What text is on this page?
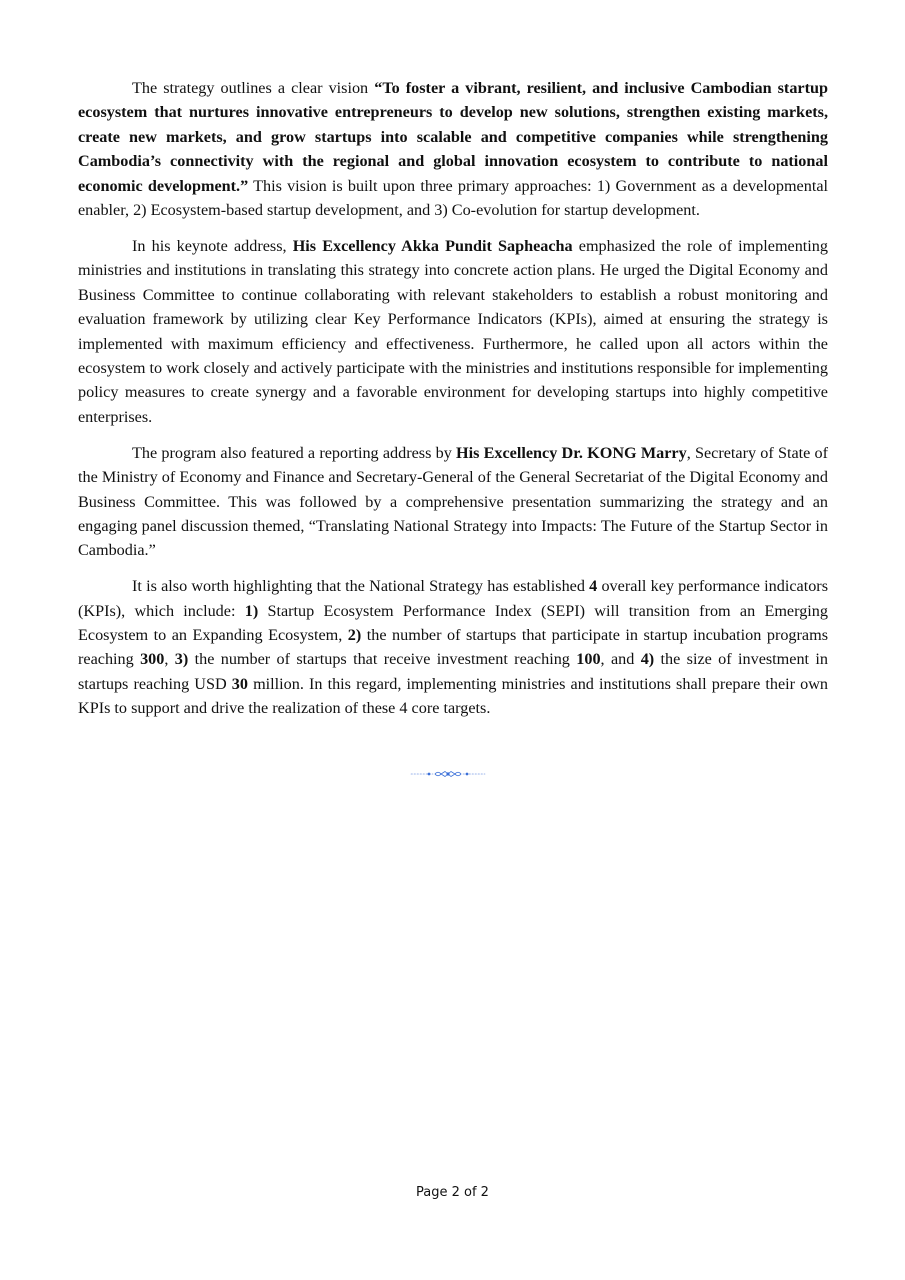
The strategy outlines a clear vision “To foster a vibrant, resilient, and inclusive Cambodian startup ecosystem that nurtures innovative entrepreneurs to develop new solutions, strengthen existing markets, create new markets, and grow startups into scalable and competitive companies while strengthening Cambodia’s connectivity with the regional and global innovation ecosystem to contribute to national economic development.” This vision is built upon three primary approaches: 1) Government as a developmental enabler, 2) Ecosystem-based startup development, and 3) Co-evolution for startup development.

In his keynote address, His Excellency Akka Pundit Sapheacha emphasized the role of implementing ministries and institutions in translating this strategy into concrete action plans. He urged the Digital Economy and Business Committee to continue collaborating with relevant stakeholders to establish a robust monitoring and evaluation framework by utilizing clear Key Performance Indicators (KPIs), aimed at ensuring the strategy is implemented with maximum efficiency and effectiveness. Furthermore, he called upon all actors within the ecosystem to work closely and actively participate with the ministries and institutions responsible for implementing policy measures to create synergy and a favorable environment for developing startups into highly competitive enterprises.

The program also featured a reporting address by His Excellency Dr. KONG Marry, Secretary of State of the Ministry of Economy and Finance and Secretary-General of the General Secretariat of the Digital Economy and Business Committee. This was followed by a comprehensive presentation summarizing the strategy and an engaging panel discussion themed, “Translating National Strategy into Impacts: The Future of the Startup Sector in Cambodia.”

It is also worth highlighting that the National Strategy has established 4 overall key performance indicators (KPIs), which include: 1) Startup Ecosystem Performance Index (SEPI) will transition from an Emerging Ecosystem to an Expanding Ecosystem, 2) the number of startups that participate in startup incubation programs reaching 300, 3) the number of startups that receive investment reaching 100, and 4) the size of investment in startups reaching USD 30 million. In this regard, implementing ministries and institutions shall prepare their own KPIs to support and drive the realization of these 4 core targets.

Page 2 of 2
